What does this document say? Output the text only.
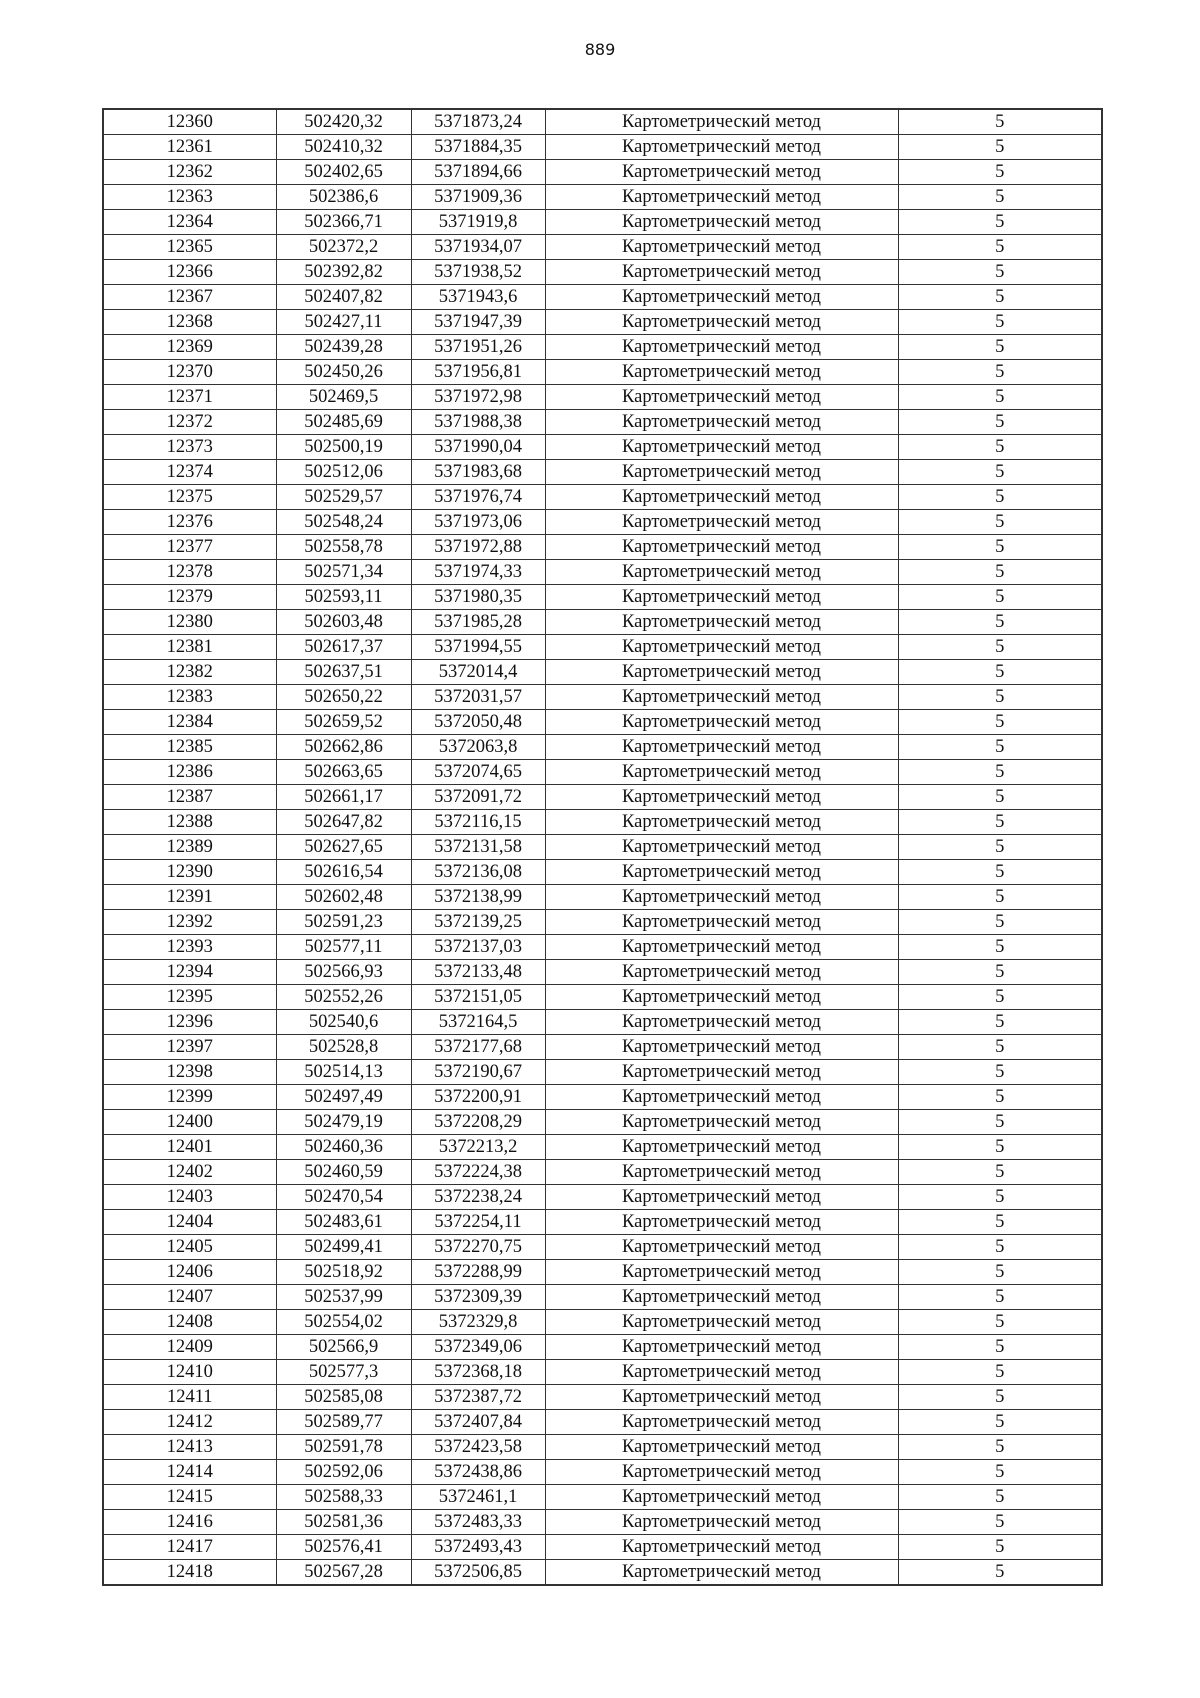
889
12360	502420,32	5371873,24	Картометрический метод	5
12361	502410,32	5371884,35	Картометрический метод	5
12362	502402,65	5371894,66	Картометрический метод	5
12363	502386,6	5371909,36	Картометрический метод	5
12364	502366,71	5371919,8	Картометрический метод	5
12365	502372,2	5371934,07	Картометрический метод	5
12366	502392,82	5371938,52	Картометрический метод	5
12367	502407,82	5371943,6	Картометрический метод	5
12368	502427,11	5371947,39	Картометрический метод	5
12369	502439,28	5371951,26	Картометрический метод	5
12370	502450,26	5371956,81	Картометрический метод	5
12371	502469,5	5371972,98	Картометрический метод	5
12372	502485,69	5371988,38	Картометрический метод	5
12373	502500,19	5371990,04	Картометрический метод	5
12374	502512,06	5371983,68	Картометрический метод	5
12375	502529,57	5371976,74	Картометрический метод	5
12376	502548,24	5371973,06	Картометрический метод	5
12377	502558,78	5371972,88	Картометрический метод	5
12378	502571,34	5371974,33	Картометрический метод	5
12379	502593,11	5371980,35	Картометрический метод	5
12380	502603,48	5371985,28	Картометрический метод	5
12381	502617,37	5371994,55	Картометрический метод	5
12382	502637,51	5372014,4	Картометрический метод	5
12383	502650,22	5372031,57	Картометрический метод	5
12384	502659,52	5372050,48	Картометрический метод	5
12385	502662,86	5372063,8	Картометрический метод	5
12386	502663,65	5372074,65	Картометрический метод	5
12387	502661,17	5372091,72	Картометрический метод	5
12388	502647,82	5372116,15	Картометрический метод	5
12389	502627,65	5372131,58	Картометрический метод	5
12390	502616,54	5372136,08	Картометрический метод	5
12391	502602,48	5372138,99	Картометрический метод	5
12392	502591,23	5372139,25	Картометрический метод	5
12393	502577,11	5372137,03	Картометрический метод	5
12394	502566,93	5372133,48	Картометрический метод	5
12395	502552,26	5372151,05	Картометрический метод	5
12396	502540,6	5372164,5	Картометрический метод	5
12397	502528,8	5372177,68	Картометрический метод	5
12398	502514,13	5372190,67	Картометрический метод	5
12399	502497,49	5372200,91	Картометрический метод	5
12400	502479,19	5372208,29	Картометрический метод	5
12401	502460,36	5372213,2	Картометрический метод	5
12402	502460,59	5372224,38	Картометрический метод	5
12403	502470,54	5372238,24	Картометрический метод	5
12404	502483,61	5372254,11	Картометрический метод	5
12405	502499,41	5372270,75	Картометрический метод	5
12406	502518,92	5372288,99	Картометрический метод	5
12407	502537,99	5372309,39	Картометрический метод	5
12408	502554,02	5372329,8	Картометрический метод	5
12409	502566,9	5372349,06	Картометрический метод	5
12410	502577,3	5372368,18	Картометрический метод	5
12411	502585,08	5372387,72	Картометрический метод	5
12412	502589,77	5372407,84	Картометрический метод	5
12413	502591,78	5372423,58	Картометрический метод	5
12414	502592,06	5372438,86	Картометрический метод	5
12415	502588,33	5372461,1	Картометрический метод	5
12416	502581,36	5372483,33	Картометрический метод	5
12417	502576,41	5372493,43	Картометрический метод	5
12418	502567,28	5372506,85	Картометрический метод	5
